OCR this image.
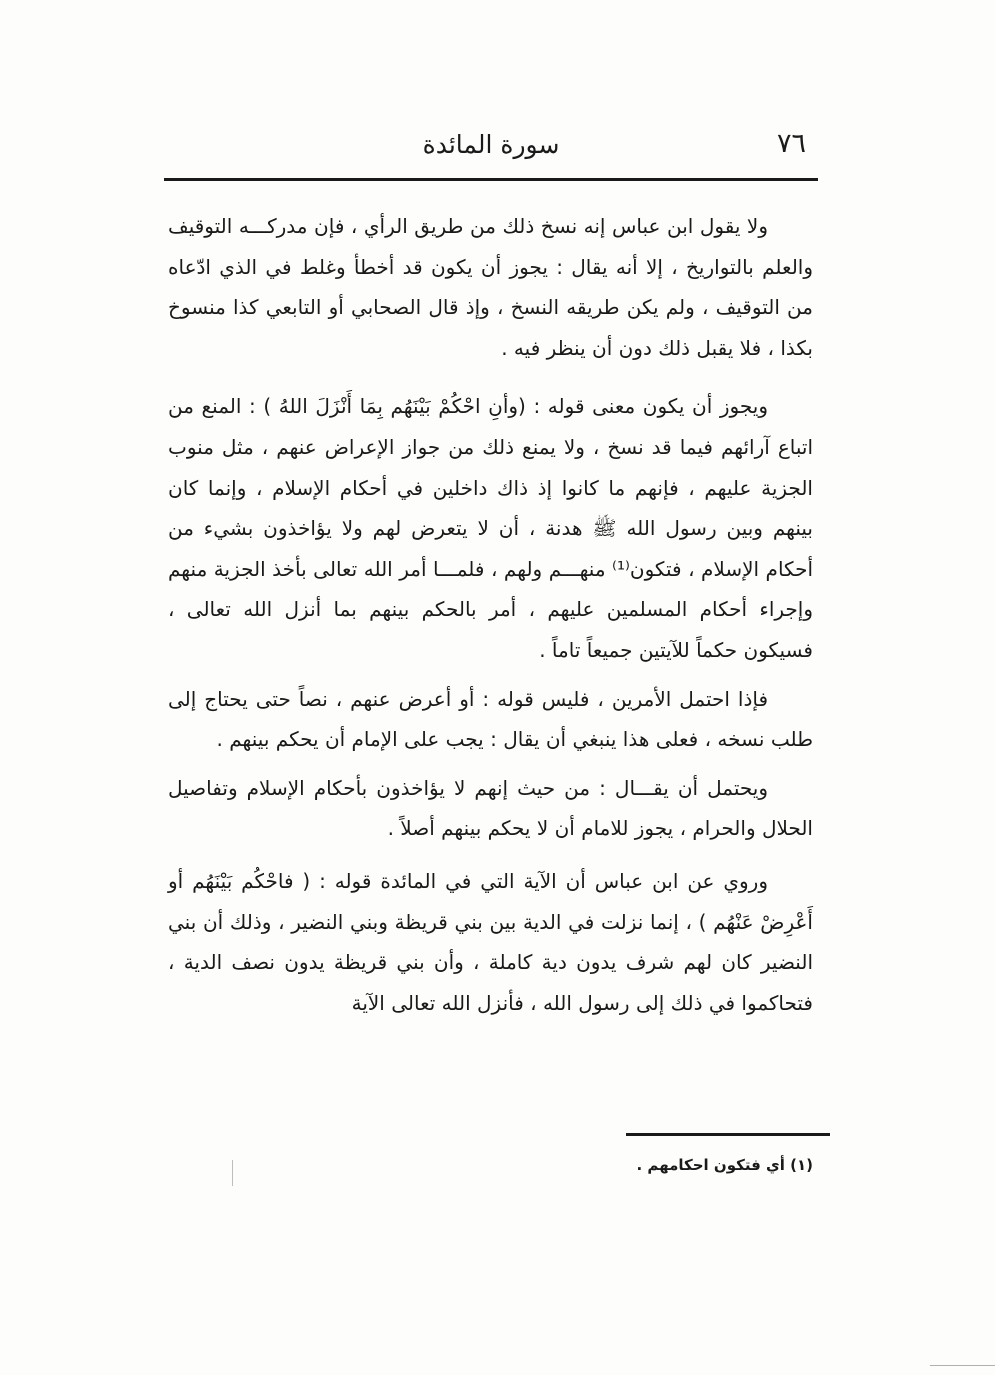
٧٦
سورة المائدة

ولا يقول ابن عباس إنه نسخ ذلك من طريق الرأي ، فإن مدركـــه التوقيف والعلم بالتواريخ ، إلا أنه يقال : يجوز أن يكون قد أخطأ وغلط في الذي ادّعاه من التوقيف ، ولم يكن طريقه النسخ ، وإذ قال الصحابي أو التابعي كذا منسوخ بكذا ، فلا يقبل ذلك دون أن ينظر فيه .

ويجوز أن يكون معنى قوله : (وأنِ احْكُمْ بَيْنَهُم بِمَا أَنْزَلَ اللهُ ) : المنع من اتباع آرائهم فيما قد نسخ ، ولا يمنع ذلك من جواز الإعراض عنهم ، مثل منوب الجزية عليهم ، فإنهم ما كانوا إذ ذاك داخلين في أحكام الإسلام ، وإنما كان بينهم وبين رسول الله ﷺ هدنة ، أن لا يتعرض لهم ولا يؤاخذون بشيء من أحكام الإسلام ، فتكون⁽¹⁾ منهـــم ولهم ، فلمـــا أمر الله تعالى بأخذ الجزية منهم وإجراء أحكام المسلمين عليهم ، أمر بالحكم بينهم بما أنزل الله تعالى ، فسيكون حكماً للآيتين جميعاً تاماً .

فإذا احتمل الأمرين ، فليس قوله : أو أعرض عنهم ، نصاً حتى يحتاج إلى طلب نسخه ، فعلى هذا ينبغي أن يقال : يجب على الإمام أن يحكم بينهم .

ويحتمل أن يقـــال : من حيث إنهم لا يؤاخذون بأحكام الإسلام وتفاصيل الحلال والحرام ، يجوز للامام أن لا يحكم بينهم أصلاً .

وروي عن ابن عباس أن الآية التي في المائدة قوله : ( فاحْكُم بَيْنَهُم أو أَعْرِضْ عَنْهُم ) ، إنما نزلت في الدية بين بني قريظة وبني النضير ، وذلك أن بني النضير كان لهم شرف يدون دية كاملة ، وأن بني قريظة يدون نصف الدية ، فتحاكموا في ذلك إلى رسول الله ، فأنزل الله تعالى الآية

(١) أي فتكون احكامهم .
